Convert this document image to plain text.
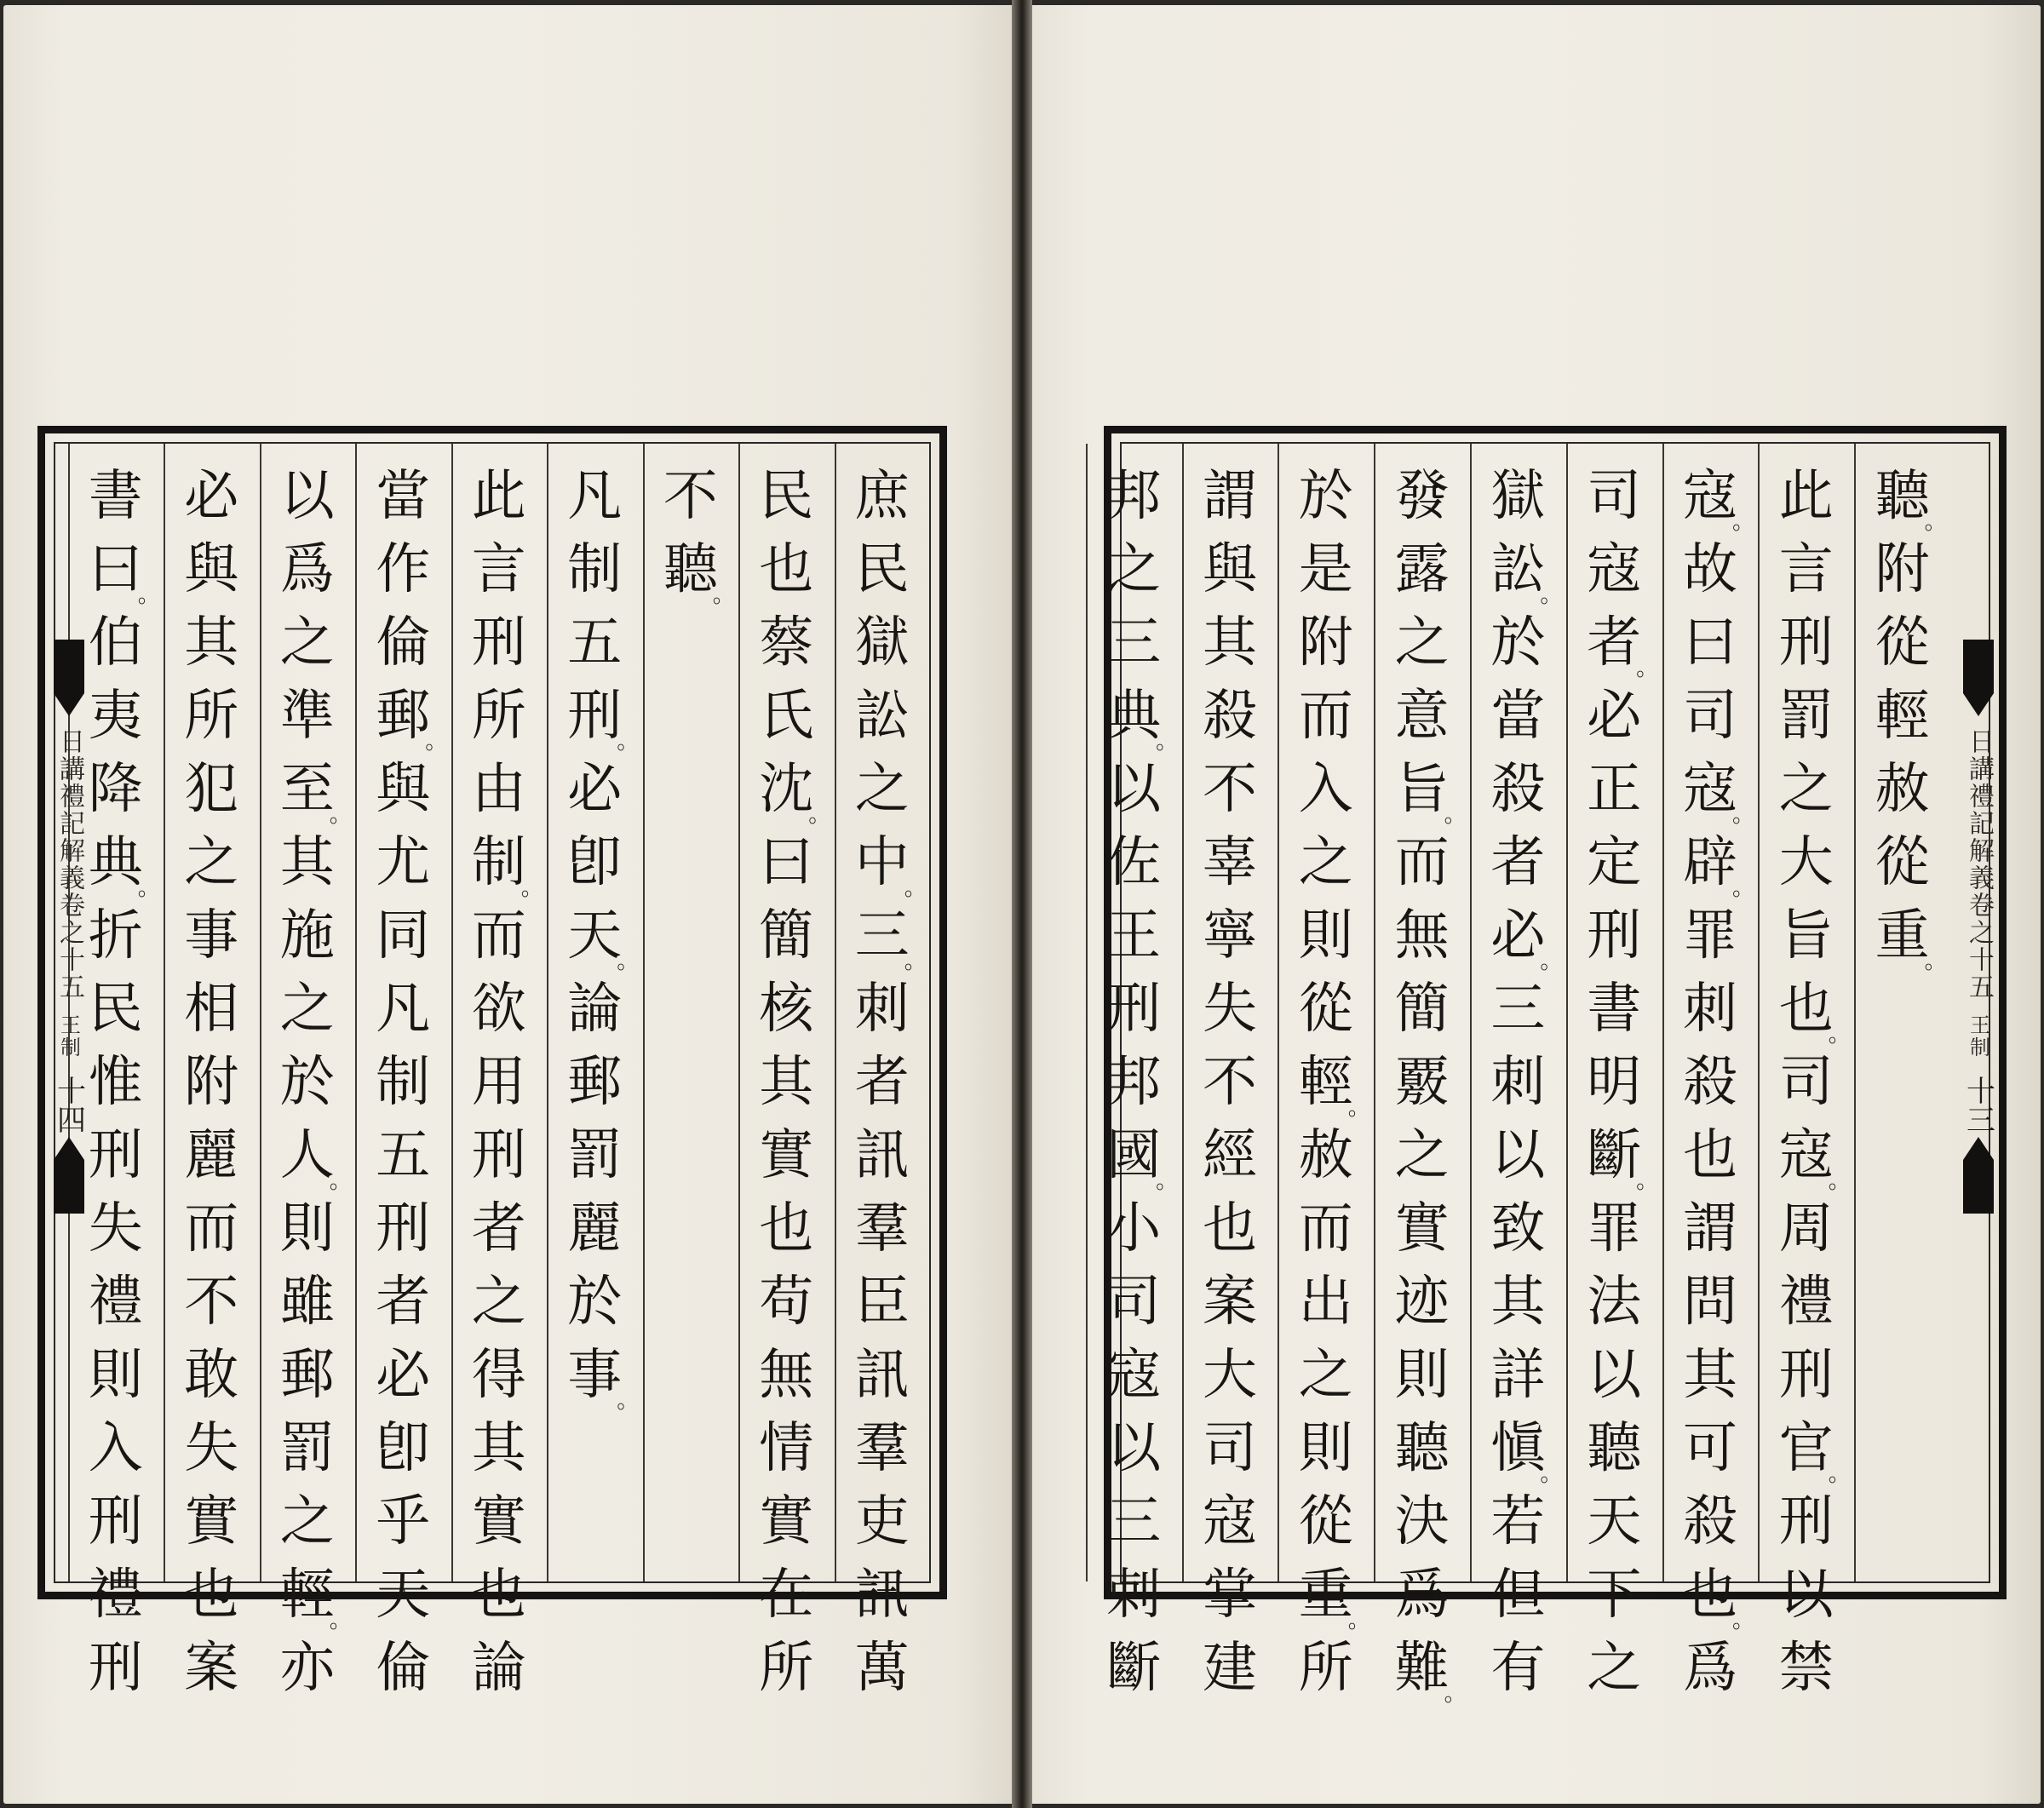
庶
民
獄
訟
之
中
。
三
。
刺
者
訊
羣
臣
訊
羣
吏
訊
萬
民
也
蔡
氏
沈
。
曰
簡
核
其
實
也
苟
無
情
實
在
所
不
聽
。
凡
制
五
刑
。
必
卽
天
。
論
郵
罰
麗
於
事
。
此
言
刑
所
由
制
。
而
欲
用
刑
者
之
得
其
實
也
論
當
作
倫
郵
。
與
尤
同
凡
制
五
刑
者
必
卽
乎
天
倫
以
爲
之
準
至
。
其
施
之
於
人
。
則
雖
郵
罰
之
輕
。
亦
必
與
其
所
犯
之
事
相
附
麗
而
不
敢
失
實
也
案
書
曰
。
伯
夷
降
典
。
折
民
惟
刑
失
禮
則
入
刑
禮
刑
聽
。
附
從
輕
赦
從
重
。
此
言
刑
罰
之
大
旨
也
。
司
寇
。
周
禮
刑
官
。
刑
以
禁
寇
。
故
曰
司
寇
。
辟
。
罪
刺
殺
也
謂
問
其
可
殺
也
。
爲
司
寇
者
。
必
正
定
刑
書
明
斷
。
罪
法
以
聽
天
下
之
獄
訟
。
於
當
殺
者
必
。
三
刺
以
致
其
詳
愼
。
若
但
有
發
露
之
意
旨
。
而
無
簡
覈
之
實
迹
則
聽
決
爲
難
。
於
是
附
而
入
之
則
從
輕
。
赦
而
出
之
則
從
重
。
所
謂
與
其
殺
不
辜
寧
失
不
經
也
案
大
司
寇
掌
建
邦
之
三
典
。
以
佐
王
刑
邦
國
。
小
司
寇
以
三
刺
斷
日講禮記解義卷之十五
王制
十四
日講禮記解義卷之十五
王制
十三
